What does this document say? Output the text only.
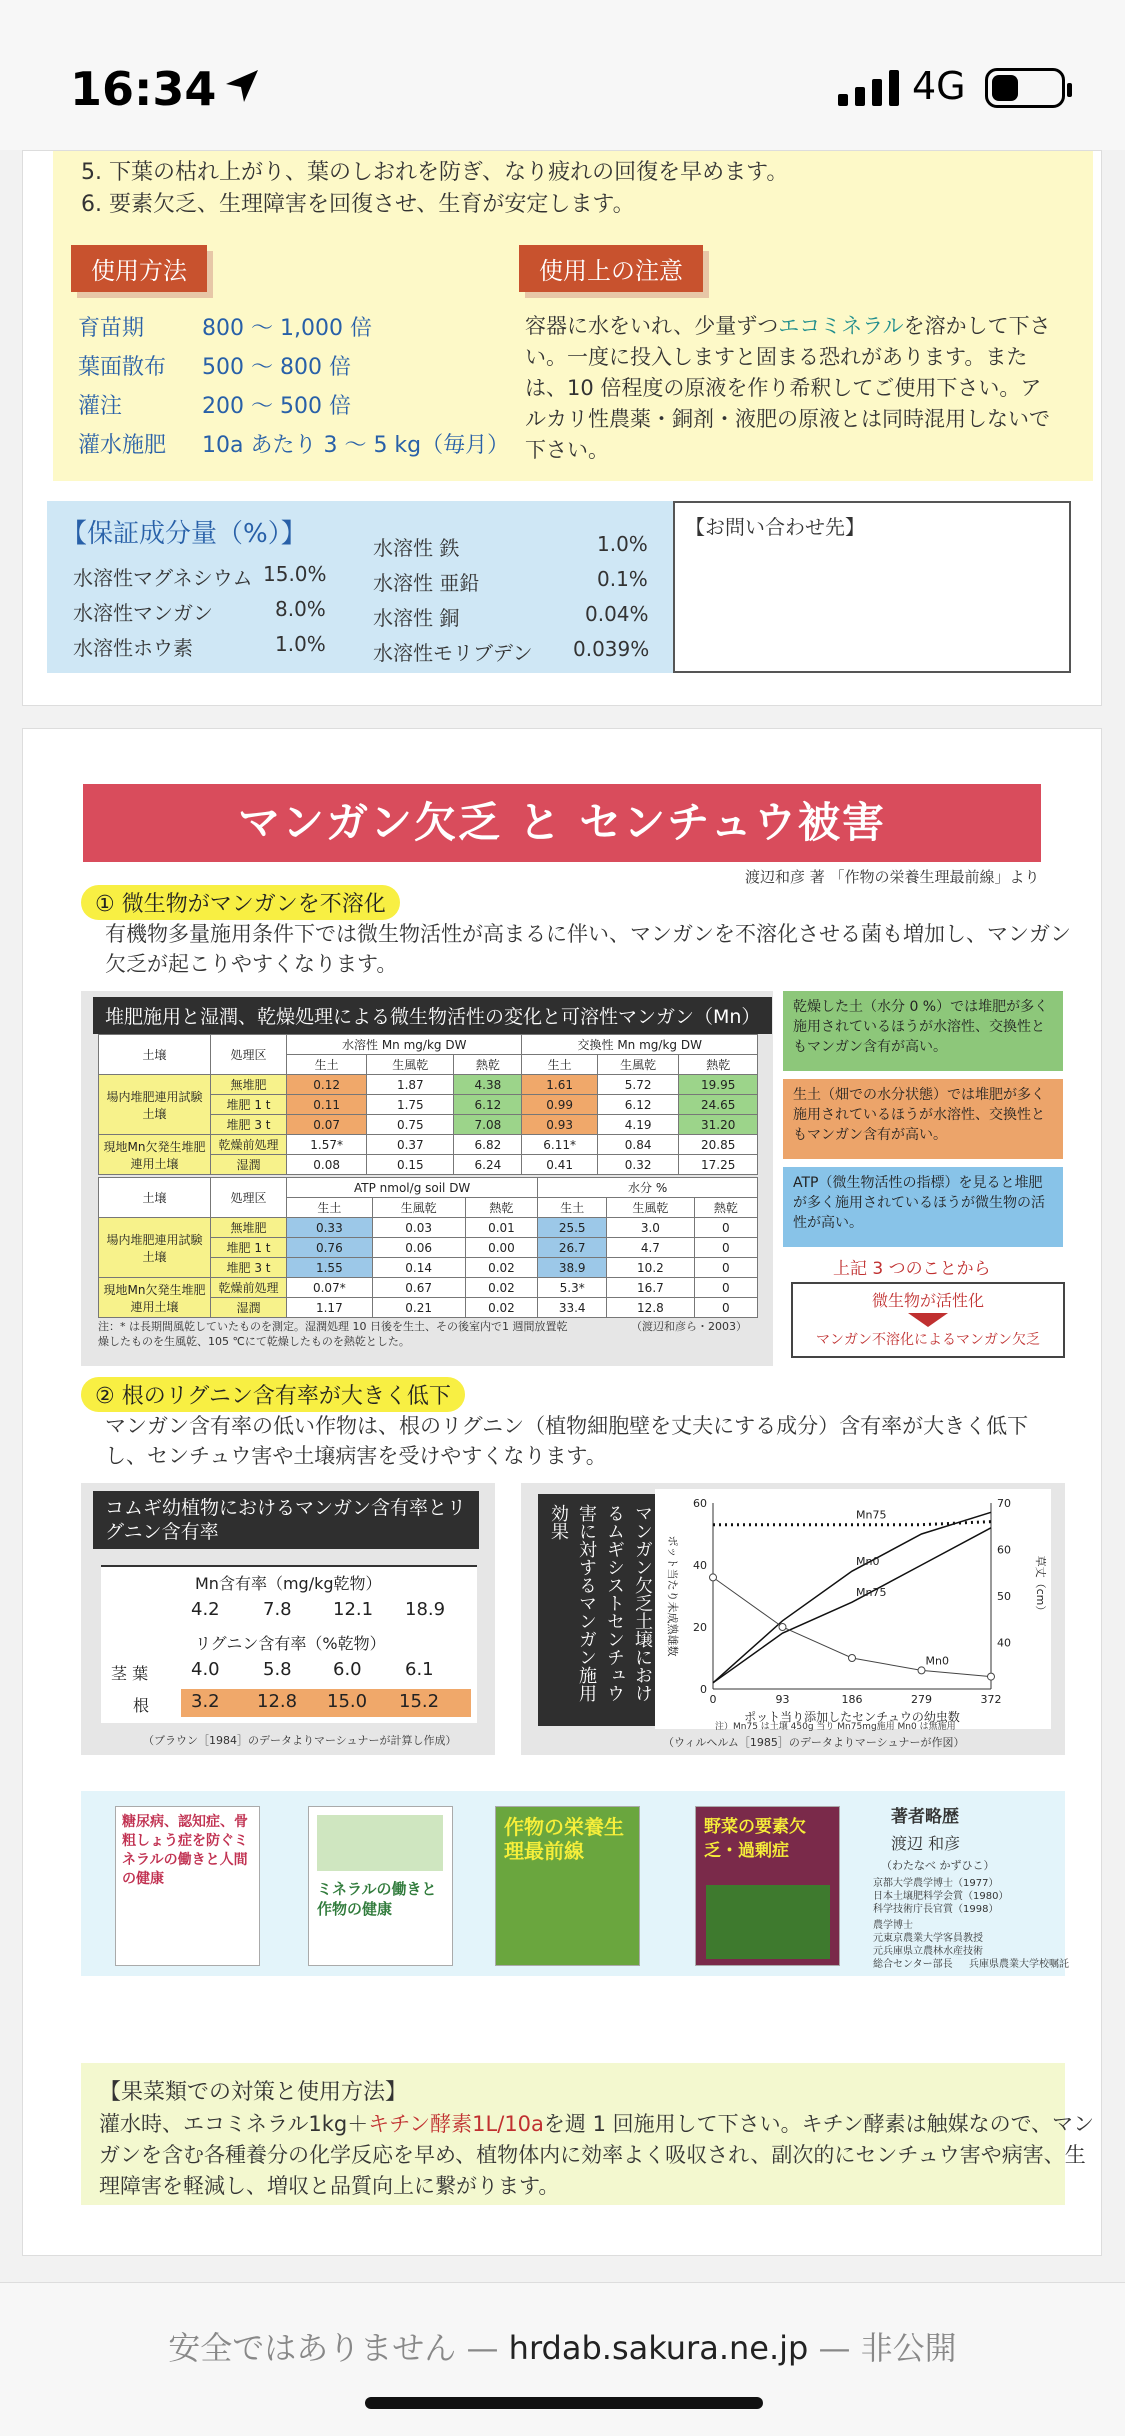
16:34	4G
5. 下葉の枯れ上がり、葉のしおれを防ぎ、なり疲れの回復を早めます。
6. 要素欠乏、生理障害を回復させ、生育が安定します。
使用方法
育苗期	800 ～ 1,000 倍
葉面散布 500 ～ 800 倍
灌注	200 ～ 500 倍
灌水施肥 10a あたり 3 ～ 5 kg（毎月）
使用上の注意
容器に水をいれ、少量ずつエコミネラルを溶かして下さい。一度に投入しますと固まる恐れがあります。または、10 倍程度の原液を作り希釈してご使用下さい。アルカリ性農薬・銅剤・液肥の原液とは同時混用しないで下さい。
【保証成分量（%）】
水溶性マグネシウム 15.0%
水溶性マンガン	8.0%
水溶性ホウ素	1.0%
水溶性 鉄	1.0%
水溶性 亜鉛	0.1%
水溶性 銅	0.04%
水溶性モリブデン 0.039%
【お問い合わせ先】
マンガン欠乏 と センチュウ被害
渡辺和彦 著 「作物の栄養生理最前線」より
① 微生物がマンガンを不溶化
有機物多量施用条件下では微生物活性が高まるに伴い、マンガンを不溶化させる菌も増加し、マンガン欠乏が起こりやすくなります。
堆肥施用と湿潤、乾燥処理による微生物活性の変化と可溶性マンガン（Mn）
土壌	処理区	水溶性 Mn mg/kg DW			交換性 Mn mg/kg DW		
		生土	生風乾	熱乾	生土	生風乾	熱乾
場内堆肥連用試験土壌	無堆肥	0.12	1.87	4.38	1.61	5.72	19.95
	堆肥 1 t	0.11	1.75	6.12	0.99	6.12	24.65
	堆肥 3 t	0.07	0.75	7.08	0.93	4.19	31.20
現地Mn欠発生堆肥連用土壌	乾燥前処理	1.57*	0.37	6.82	6.11*	0.84	20.85
	湿潤	0.08	0.15	6.24	0.41	0.32	17.25
土壌	処理区	ATP nmol/g soil DW			水分 %		
		生土	生風乾	熱乾	生土	生風乾	熱乾
場内堆肥連用試験土壌	無堆肥	0.33	0.03	0.01	25.5	3.0	0
	堆肥 1 t	0.76	0.06	0.00	26.7	4.7	0
	堆肥 3 t	1.55	0.14	0.02	38.9	10.2	0
現地Mn欠発生堆肥連用土壌	乾燥前処理	0.07*	0.67	0.02	5.3*	16.7	0
	湿潤	1.17	0.21	0.02	33.4	12.8	0
注：* は長期間風乾していたものを測定。湿潤処理 10 日後を生土、その後室内で1 週間放置乾燥したものを生風乾、105 ℃にて乾燥したものを熱乾とした。
（渡辺和彦ら・2003）
乾燥した土（水分 0 %）では堆肥が多く施用されているほうが水溶性、交換性ともマンガン含有が高い。
生土（畑での水分状態）では堆肥が多く施用されているほうが水溶性、交換性ともマンガン含有が高い。
ATP（微生物活性の指標）を見ると堆肥が多く施用されているほうが微生物の活性が高い。
上記 3 つのことから
微生物が活性化
マンガン不溶化によるマンガン欠乏
② 根のリグニン含有率が大きく低下
マンガン含有率の低い作物は、根のリグニン（植物細胞壁を丈夫にする成分）含有率が大きく低下し、センチュウ害や土壌病害を受けやすくなります。
コムギ幼植物におけるマンガン含有率とリグニン含有率
Mn含有率（mg/kg乾物）
4.2 7.8 12.1 18.9
リグニン含有率（%乾物）
茎 葉 4.0 5.8 6.0 6.1
根 3.2 12.8 15.0 15.2
（ブラウン［1984］のデータよりマーシュナーが計算し作成）
マンガン欠乏土壌におけるムギシストセンチュウ害に対するマンガン施用効果
0	93	186	279	372
0
20
40
60
40
50
60
70
ポット当り添加したセンチュウの幼虫数
ポット当たり未成熟雄数	草丈（cm）
Mn75
Mn75
Mn0
Mn0
注）Mn75 は土壌 450g 当り Mn75mg施用 Mn0 は無施用
（ウィルヘルム［1985］のデータよりマーシュナーが作図）
糖尿病、認知症、骨粗しょう症を防ぐミネラルの働きと人間の健康
ミネラルの働きと作物の健康
作物の栄養生理最前線
野菜の要素欠乏・過剰症
著者略歴
渡辺 和彦
（わたなべ かずひこ）
京都大学農学博士（1977）
日本土壌肥料学会賞（1980）
科学技術庁長官賞（1998）
農学博士
元東京農業大学客員教授
元兵庫県立農林水産技術
総合センター部長 兵庫県農業大学校嘱託
【果菜類での対策と使用方法】
灌水時、エコミネラル1kg＋キチン酵素1L/10aを週 1 回施用して下さい。キチン酵素は触媒なので、マンガンを含む各種養分の化学反応を早め、植物体内に効率よく吸収され、副次的にセンチュウ害や病害、生理障害を軽減し、増収と品質向上に繋がります。
安全ではありません — hrdab.sakura.ne.jp — 非公開
